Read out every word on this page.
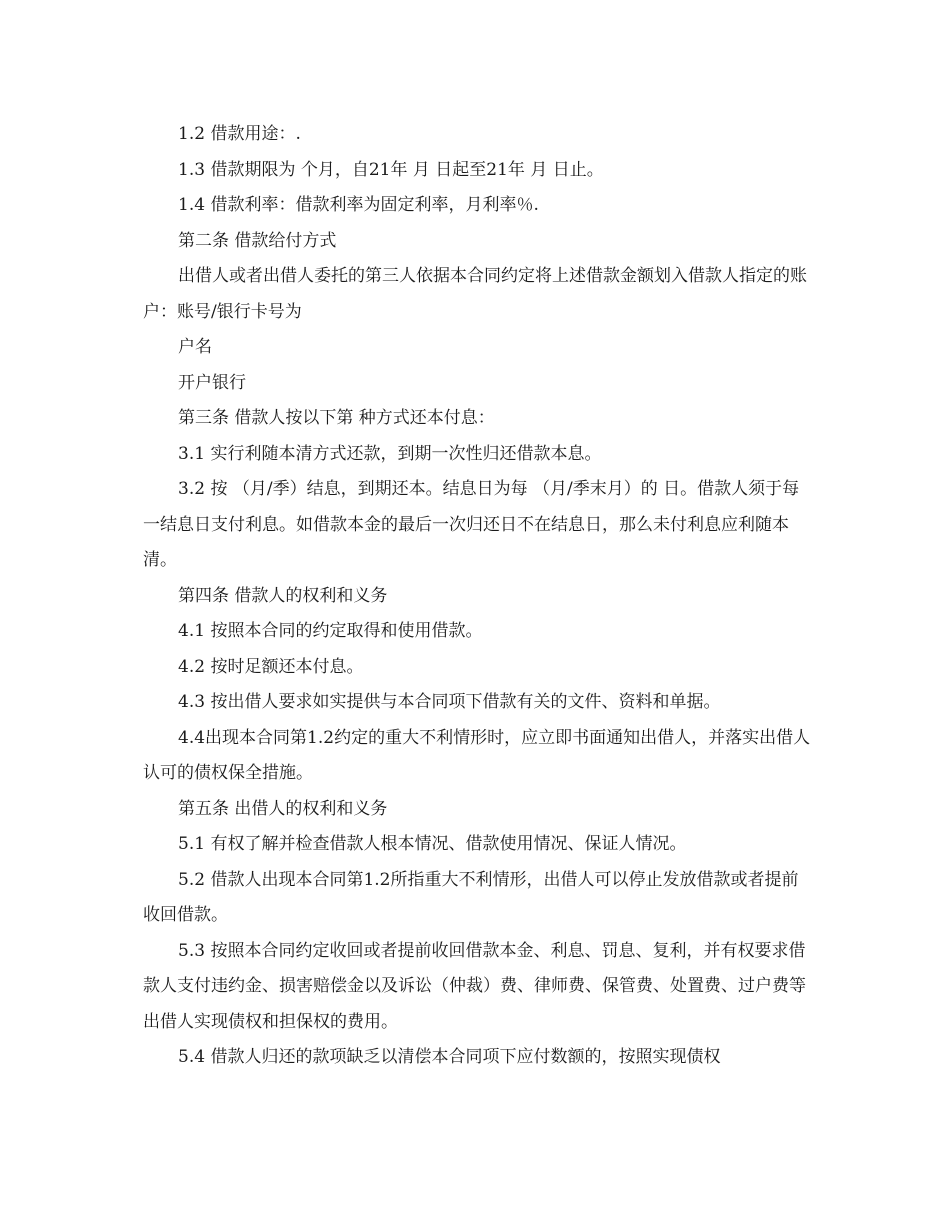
1.2 借款用途：.

1.3 借款期限为 个月，自21年 月 日起至21年 月 日止。

1.4 借款利率：借款利率为固定利率，月利率％.

第二条 借款给付方式

出借人或者出借人委托的第三人依据本合同约定将上述借款金额划入借款人指定的账户：账号/银行卡号为

户名

开户银行

第三条 借款人按以下第 种方式还本付息：

3.1 实行利随本清方式还款，到期一次性归还借款本息。

3.2 按 （月/季）结息，到期还本。结息日为每 （月/季末月）的 日。借款人须于每一结息日支付利息。如借款本金的最后一次归还日不在结息日，那么未付利息应利随本清。

第四条 借款人的权利和义务

4.1 按照本合同的约定取得和使用借款。

4.2 按时足额还本付息。

4.3 按出借人要求如实提供与本合同项下借款有关的文件、资料和单据。

4.4出现本合同第1.2约定的重大不利情形时，应立即书面通知出借人，并落实出借人认可的债权保全措施。

第五条 出借人的权利和义务

5.1 有权了解并检查借款人根本情况、借款使用情况、保证人情况。

5.2 借款人出现本合同第1.2所指重大不利情形，出借人可以停止发放借款或者提前收回借款。

5.3 按照本合同约定收回或者提前收回借款本金、利息、罚息、复利，并有权要求借款人支付违约金、损害赔偿金以及诉讼（仲裁）费、律师费、保管费、处置费、过户费等出借人实现债权和担保权的费用。

5.4 借款人归还的款项缺乏以清偿本合同项下应付数额的，按照实现债权
